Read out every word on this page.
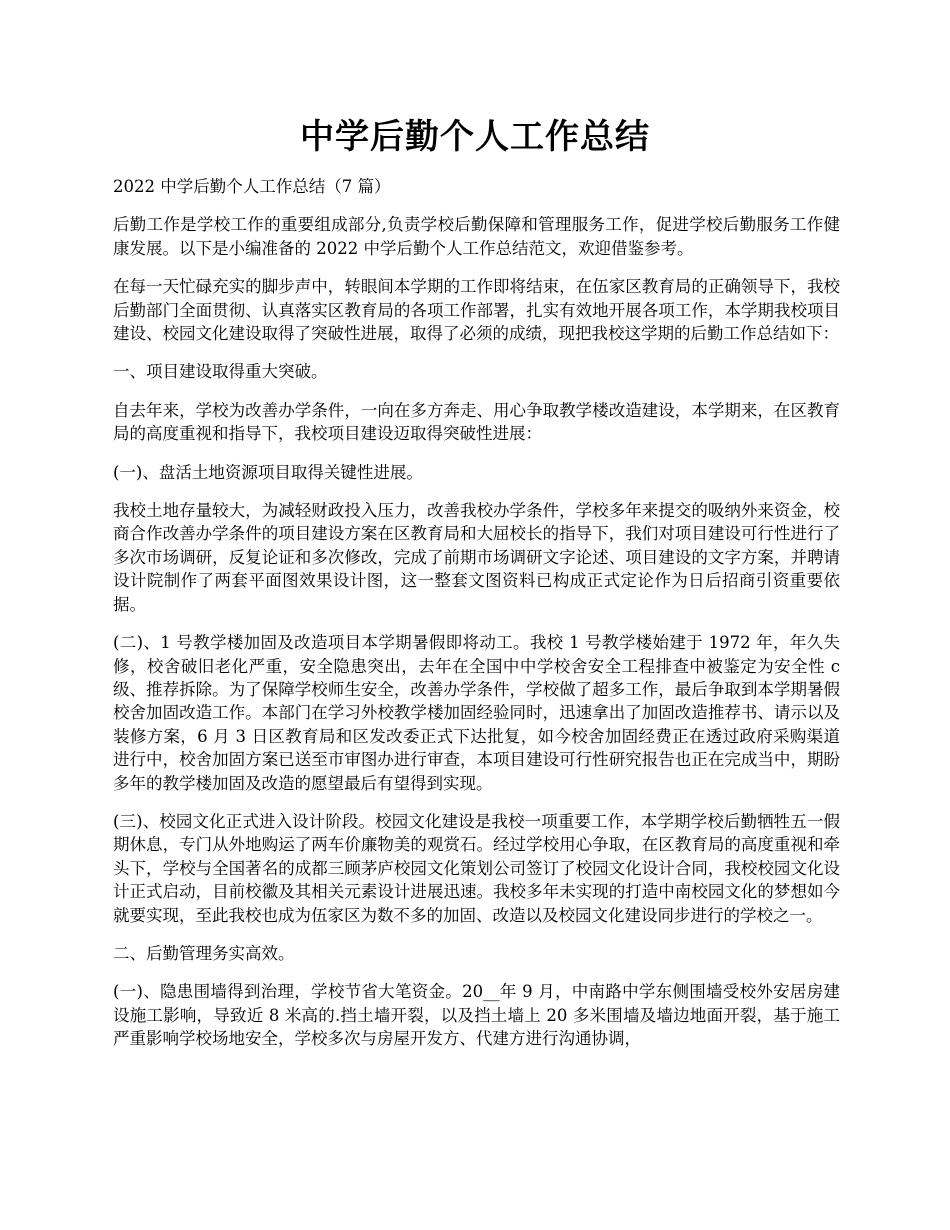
中学后勤个人工作总结

2022 中学后勤个人工作总结（7 篇）

后勤工作是学校工作的重要组成部分,负责学校后勤保障和管理服务工作，促进学校后勤服务工作健康发展。以下是小编准备的 2022 中学后勤个人工作总结范文，欢迎借鉴参考。

在每一天忙碌充实的脚步声中，转眼间本学期的工作即将结束，在伍家区教育局的正确领导下，我校后勤部门全面贯彻、认真落实区教育局的各项工作部署，扎实有效地开展各项工作，本学期我校项目建设、校园文化建设取得了突破性进展，取得了必须的成绩，现把我校这学期的后勤工作总结如下：

一、项目建设取得重大突破。

自去年来，学校为改善办学条件，一向在多方奔走、用心争取教学楼改造建设，本学期来，在区教育局的高度重视和指导下，我校项目建设迈取得突破性进展：

(一)、盘活土地资源项目取得关键性进展。

我校土地存量较大，为减轻财政投入压力，改善我校办学条件，学校多年来提交的吸纳外来资金，校商合作改善办学条件的项目建设方案在区教育局和大屈校长的指导下，我们对项目建设可行性进行了多次市场调研，反复论证和多次修改，完成了前期市场调研文字论述、项目建设的文字方案，并聘请设计院制作了两套平面图效果设计图，这一整套文图资料已构成正式定论作为日后招商引资重要依据。

(二)、1 号教学楼加固及改造项目本学期暑假即将动工。我校 1 号教学楼始建于 1972 年，年久失修，校舍破旧老化严重，安全隐患突出，去年在全国中中学校舍安全工程排查中被鉴定为安全性 c 级、推荐拆除。为了保障学校师生安全，改善办学条件，学校做了超多工作，最后争取到本学期暑假校舍加固改造工作。本部门在学习外校教学楼加固经验同时，迅速拿出了加固改造推荐书、请示以及装修方案，6 月 3 日区教育局和区发改委正式下达批复，如今校舍加固经费正在透过政府采购渠道进行中，校舍加固方案已送至市审图办进行审查，本项目建设可行性研究报告也正在完成当中，期盼多年的教学楼加固及改造的愿望最后有望得到实现。

(三)、校园文化正式进入设计阶段。校园文化建设是我校一项重要工作，本学期学校后勤牺牲五一假期休息，专门从外地购运了两车价廉物美的观赏石。经过学校用心争取，在区教育局的高度重视和牵头下，学校与全国著名的成都三顾茅庐校园文化策划公司签订了校园文化设计合同，我校校园文化设计正式启动，目前校徽及其相关元素设计进展迅速。我校多年未实现的打造中南校园文化的梦想如今就要实现，至此我校也成为伍家区为数不多的加固、改造以及校园文化建设同步进行的学校之一。

二、后勤管理务实高效。

(一)、隐患围墙得到治理，学校节省大笔资金。20__年 9 月，中南路中学东侧围墙受校外安居房建设施工影响，导致近 8 米高的.挡土墙开裂，以及挡土墙上 20 多米围墙及墙边地面开裂，基于施工严重影响学校场地安全，学校多次与房屋开发方、代建方进行沟通协调，
